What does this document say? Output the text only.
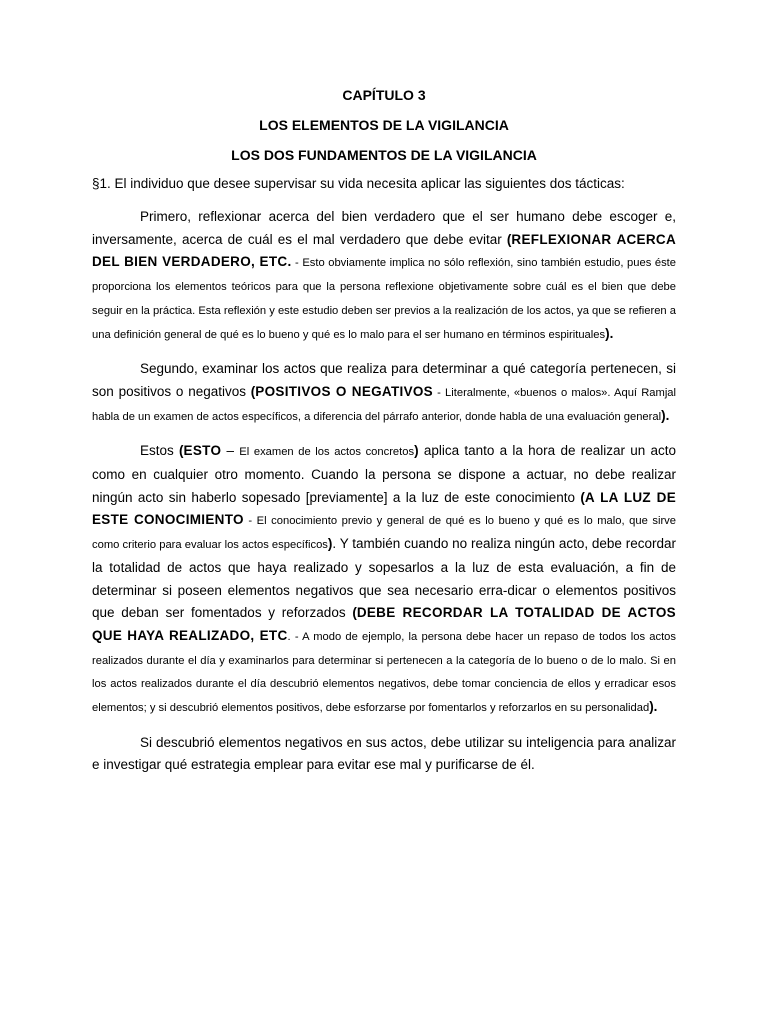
CAPÍTULO 3
LOS ELEMENTOS DE LA VIGILANCIA
LOS DOS FUNDAMENTOS DE LA VIGILANCIA

§1. El individuo que desee supervisar su vida necesita aplicar las siguientes dos tácticas:

Primero, reflexionar acerca del bien verdadero que el ser humano debe escoger e, inversamente, acerca de cuál es el mal verdadero que debe evitar (REFLEXIONAR ACERCA DEL BIEN VERDADERO, ETC. - Esto obviamente implica no sólo reflexión, sino también estudio, pues éste proporciona los elementos teóricos para que la persona reflexione objetivamente sobre cuál es el bien que debe seguir en la práctica. Esta reflexión y este estudio deben ser previos a la realización de los actos, ya que se refieren a una definición general de qué es lo bueno y qué es lo malo para el ser humano en términos espirituales).

Segundo, examinar los actos que realiza para determinar a qué categoría pertenecen, si son positivos o negativos (POSITIVOS O NEGATIVOS - Literalmente, «buenos o malos». Aquí Ramjal habla de un examen de actos específicos, a diferencia del párrafo anterior, donde habla de una evaluación general).

Estos (ESTO – El examen de los actos concretos) aplica tanto a la hora de realizar un acto como en cualquier otro momento. Cuando la persona se dispone a actuar, no debe realizar ningún acto sin haberlo sopesado [previamente] a la luz de este conocimiento (A LA LUZ DE ESTE CONOCIMIENTO - El conocimiento previo y general de qué es lo bueno y qué es lo malo, que sirve como criterio para evaluar los actos específicos). Y también cuando no realiza ningún acto, debe recordar la totalidad de actos que haya realizado y sopesarlos a la luz de esta evaluación, a fin de determinar si poseen elementos negativos que sea necesario erra-dicar o elementos positivos que deban ser fomentados y reforzados (DEBE RECORDAR LA TOTALIDAD DE ACTOS QUE HAYA REALIZADO, ETC. - A modo de ejemplo, la persona debe hacer un repaso de todos los actos realizados durante el día y examinarlos para determinar si pertenecen a la categoría de lo bueno o de lo malo. Si en los actos realizados durante el día descubrió elementos negativos, debe tomar conciencia de ellos y erradicar esos elementos; y si descubrió elementos positivos, debe esforzarse por fomentarlos y reforzarlos en su personalidad).

Si descubrió elementos negativos en sus actos, debe utilizar su inteligencia para analizar e investigar qué estrategia emplear para evitar ese mal y purificarse de él.
